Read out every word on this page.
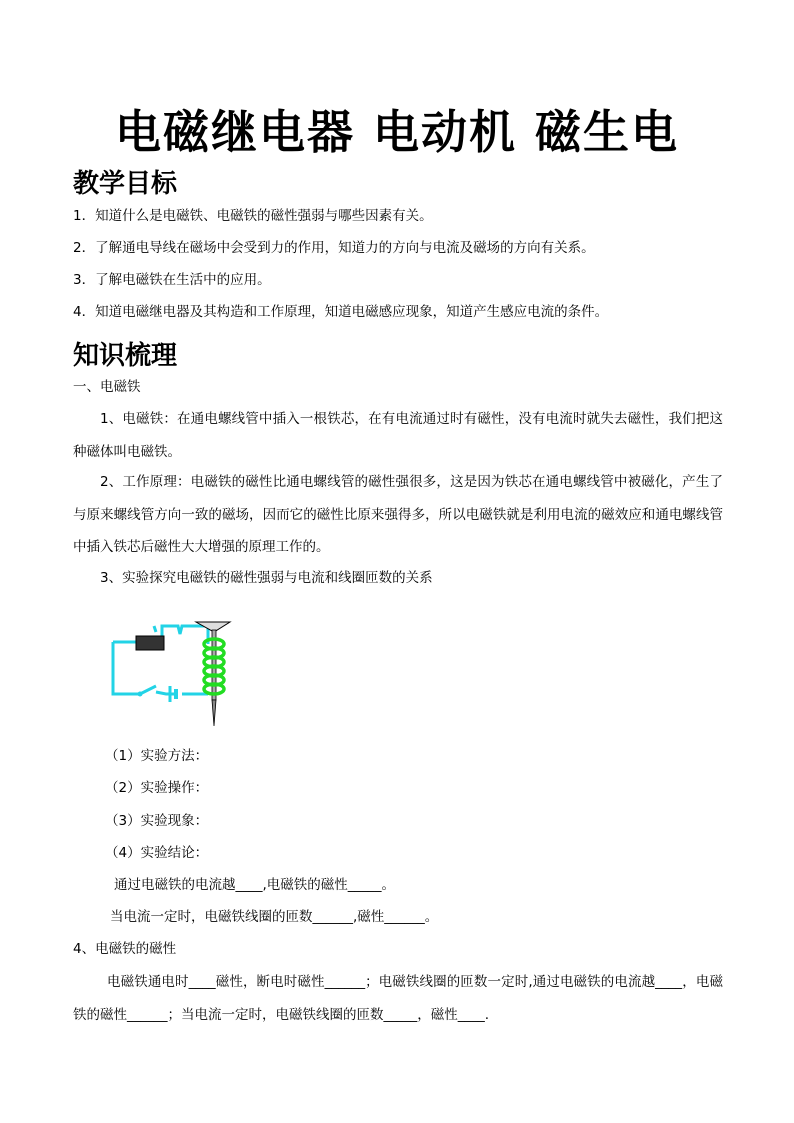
电磁继电器 电动机 磁生电
教学目标
1．知道什么是电磁铁、电磁铁的磁性强弱与哪些因素有关。
2．了解通电导线在磁场中会受到力的作用，知道力的方向与电流及磁场的方向有关系。
3．了解电磁铁在生活中的应用。
4．知道电磁继电器及其构造和工作原理，知道电磁感应现象，知道产生感应电流的条件。
知识梳理
一、电磁铁
1、电磁铁：在通电螺线管中插入一根铁芯，在有电流通过时有磁性，没有电流时就失去磁性，我们把这种磁体叫电磁铁。
2、工作原理：电磁铁的磁性比通电螺线管的磁性强很多，这是因为铁芯在通电螺线管中被磁化，产生了与原来螺线管方向一致的磁场，因而它的磁性比原来强得多，所以电磁铁就是利用电流的磁效应和通电螺线管中插入铁芯后磁性大大增强的原理工作的。
3、实验探究电磁铁的磁性强弱与电流和线圈匝数的关系
（1）实验方法：
（2）实验操作：
（3）实验现象：
（4）实验结论：
通过电磁铁的电流越____,电磁铁的磁性_____。
当电流一定时，电磁铁线圈的匝数______,磁性______。
4、电磁铁的磁性
电磁铁通电时____磁性，断电时磁性______；电磁铁线圈的匝数一定时,通过电磁铁的电流越____，电磁铁的磁性______；当电流一定时，电磁铁线圈的匝数_____，磁性____.
